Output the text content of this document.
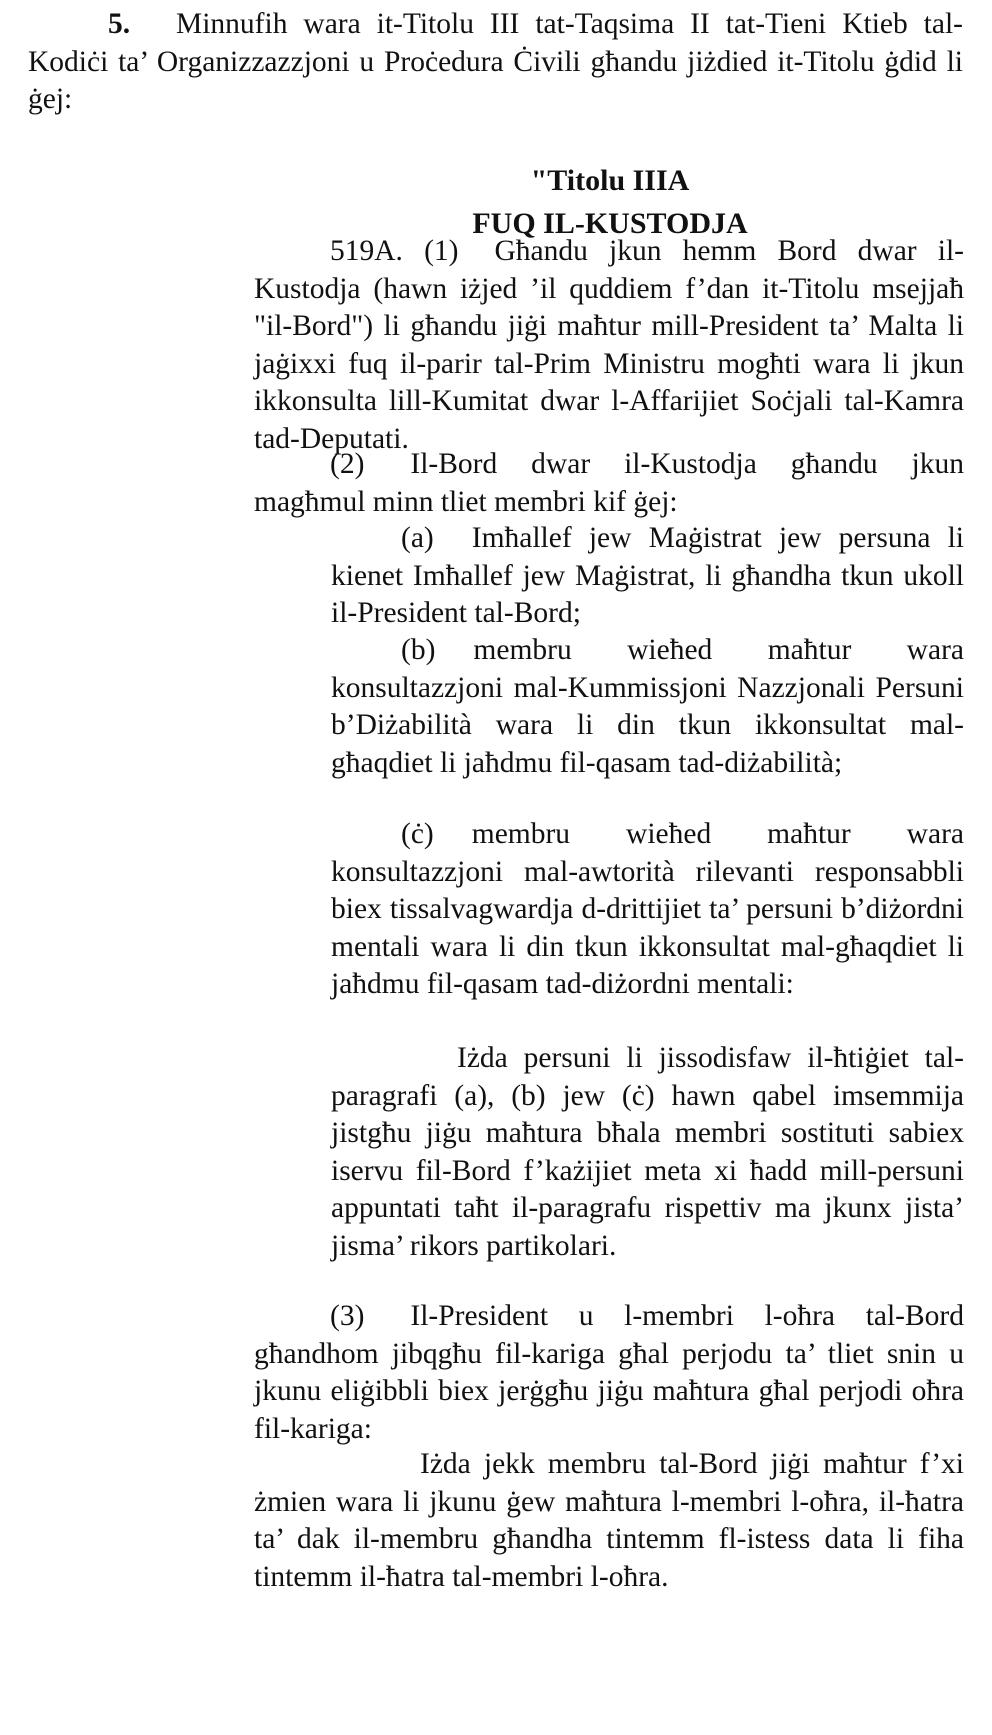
5. Minnufih wara it-Titolu III tat-Taqsima II tat-Tieni Ktieb tal-Kodiċi ta’ Organizzazzjoni u Proċedura Ċivili għandu jiżdied it-Titolu ġdid li ġej:

"Titolu IIIA
FUQ IL-KUSTODJA

519A. (1) Għandu jkun hemm Bord dwar il-Kustodja (hawn iżjed ’il quddiem f’dan it-Titolu msejjaħ "il-Bord") li għandu jiġi maħtur mill-President ta’ Malta li jaġixxi fuq il-parir tal-Prim Ministru mogħti wara li jkun ikkonsulta lill-Kumitat dwar l-Affarijiet Soċjali tal-Kamra tad-Deputati.

(2) Il-Bord dwar il-Kustodja għandu jkun magħmul minn tliet membri kif ġej:

(a) Imħallef jew Maġistrat jew persuna li kienet Imħallef jew Maġistrat, li għandha tkun ukoll il-President tal-Bord;

(b) membru wieħed maħtur wara konsultazzjoni mal-Kummissjoni Nazzjonali Persuni b’Diżabilità wara li din tkun ikkonsultat mal-għaqdiet li jaħdmu fil-qasam tad-diżabilità;

(ċ) membru wieħed maħtur wara konsultazzjoni mal-awtorità rilevanti responsabbli biex tissalvagwardja d-drittijiet ta’ persuni b’diżordni mentali wara li din tkun ikkonsultat mal-għaqdiet li jaħdmu fil-qasam tad-diżordni mentali:

Iżda persuni li jissodisfaw il-ħtiġiet tal-paragrafi (a), (b) jew (ċ) hawn qabel imsemmija jistgħu jiġu maħtura bħala membri sostituti sabiex iservu fil-Bord f’każijiet meta xi ħadd mill-persuni appuntati taħt il-paragrafu rispettiv ma jkunx jista’ jisma’ rikors partikolari.

(3) Il-President u l-membri l-oħra tal-Bord għandhom jibqgħu fil-kariga għal perjodu ta’ tliet snin u jkunu eliġibbli biex jerġgħu jiġu maħtura għal perjodi oħra fil-kariga:

Iżda jekk membru tal-Bord jiġi maħtur f’xi żmien wara li jkunu ġew maħtura l-membri l-oħra, il-ħatra ta’ dak il-membru għandha tintemm fl-istess data li fiha tintemm il-ħatra tal-membri l-oħra.
